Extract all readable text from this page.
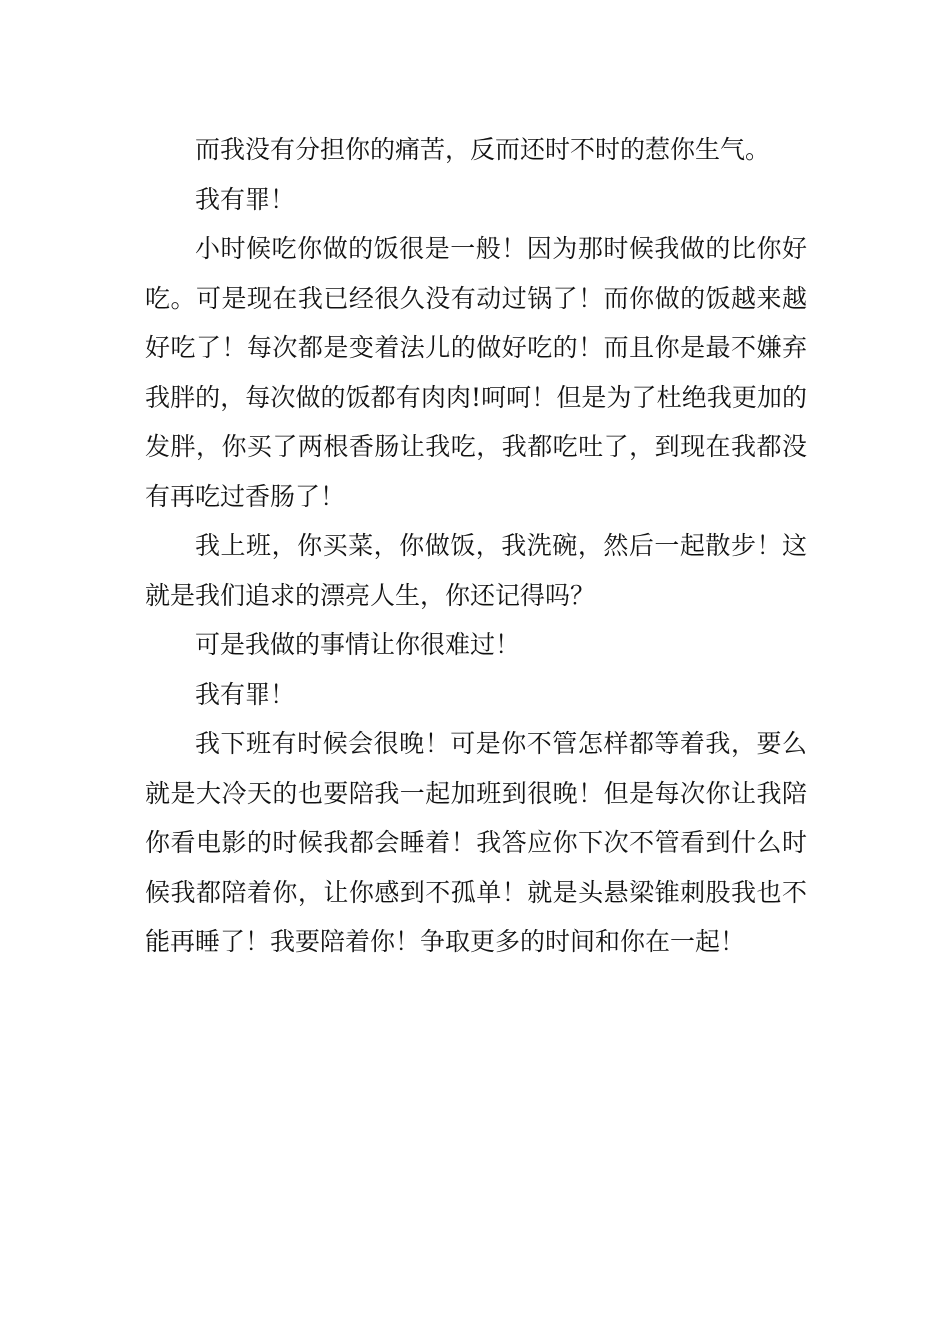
而我没有分担你的痛苦，反而还时不时的惹你生气。

我有罪！

小时候吃你做的饭很是一般！因为那时候我做的比你好吃。可是现在我已经很久没有动过锅了！而你做的饭越来越好吃了！每次都是变着法儿的做好吃的！而且你是最不嫌弃我胖的，每次做的饭都有肉肉!呵呵！但是为了杜绝我更加的发胖，你买了两根香肠让我吃，我都吃吐了，到现在我都没有再吃过香肠了！

我上班，你买菜，你做饭，我洗碗，然后一起散步！这就是我们追求的漂亮人生，你还记得吗？

可是我做的事情让你很难过！

我有罪！

我下班有时候会很晚！可是你不管怎样都等着我，要么就是大冷天的也要陪我一起加班到很晚！但是每次你让我陪你看电影的时候我都会睡着！我答应你下次不管看到什么时候我都陪着你，让你感到不孤单！就是头悬梁锥刺股我也不能再睡了！我要陪着你！争取更多的时间和你在一起！
